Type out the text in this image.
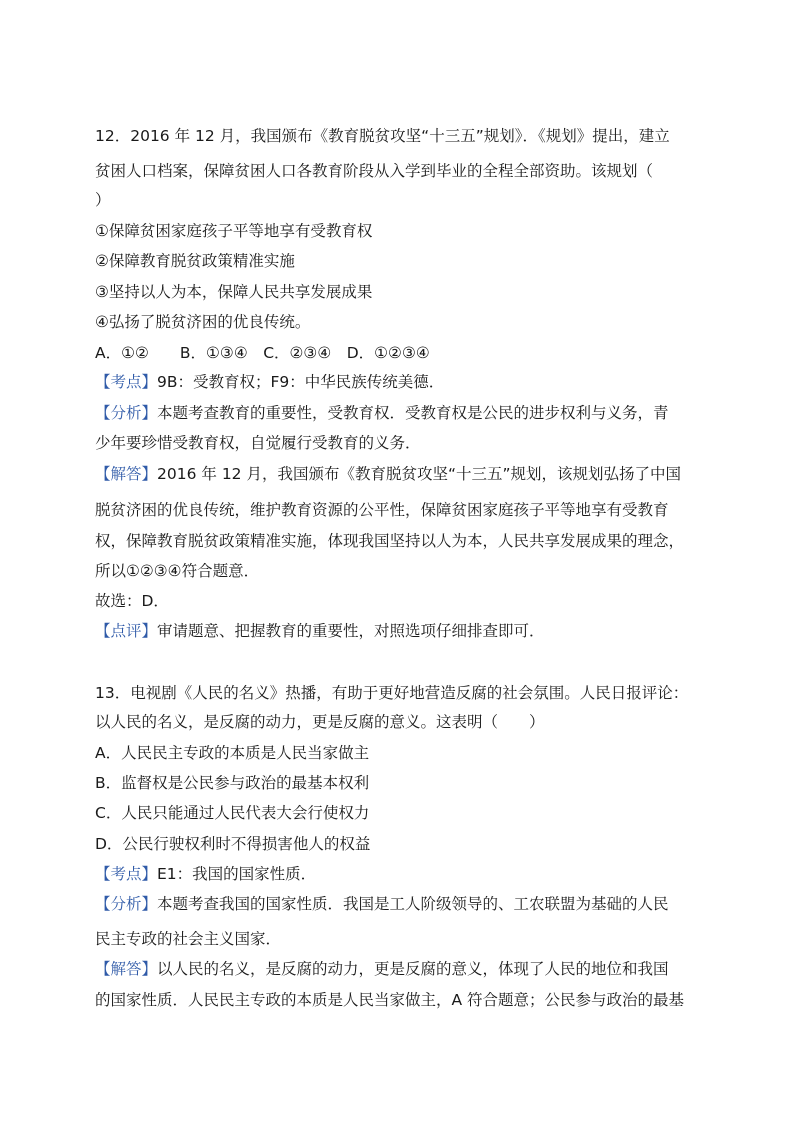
12．2016 年 12 月，我国颁布《教育脱贫攻坚“十三五”规划》．《规划》提出，建立
贫困人口档案，保障贫困人口各教育阶段从入学到毕业的全程全部资助。该规划（
）
①保障贫困家庭孩子平等地享有受教育权
②保障教育脱贫政策精准实施
③坚持以人为本，保障人民共享发展成果
④弘扬了脱贫济困的优良传统。
A．①②　　B．①③④　C．②③④　D．①②③④
【考点】9B：受教育权；F9：中华民族传统美德．
【分析】本题考查教育的重要性，受教育权．受教育权是公民的进步权利与义务，青
少年要珍惜受教育权，自觉履行受教育的义务．
【解答】2016 年 12 月，我国颁布《教育脱贫攻坚“十三五”规划，该规划弘扬了中国
脱贫济困的优良传统，维护教育资源的公平性，保障贫困家庭孩子平等地享有受教育
权，保障教育脱贫政策精准实施，体现我国坚持以人为本，人民共享发展成果的理念，
所以①②③④符合题意．
故选：D．
【点评】审请题意、把握教育的重要性，对照选项仔细排查即可．
13．电视剧《人民的名义》热播，有助于更好地营造反腐的社会氛围。人民日报评论：
以人民的名义，是反腐的动力，更是反腐的意义。这表明（　　）
A．人民民主专政的本质是人民当家做主
B．监督权是公民参与政治的最基本权利
C．人民只能通过人民代表大会行使权力
D．公民行驶权利时不得损害他人的权益
【考点】E1：我国的国家性质．
【分析】本题考查我国的国家性质．我国是工人阶级领导的、工农联盟为基础的人民
民主专政的社会主义国家．
【解答】以人民的名义，是反腐的动力，更是反腐的意义，体现了人民的地位和我国
的国家性质．人民民主专政的本质是人民当家做主，A 符合题意；公民参与政治的最基
